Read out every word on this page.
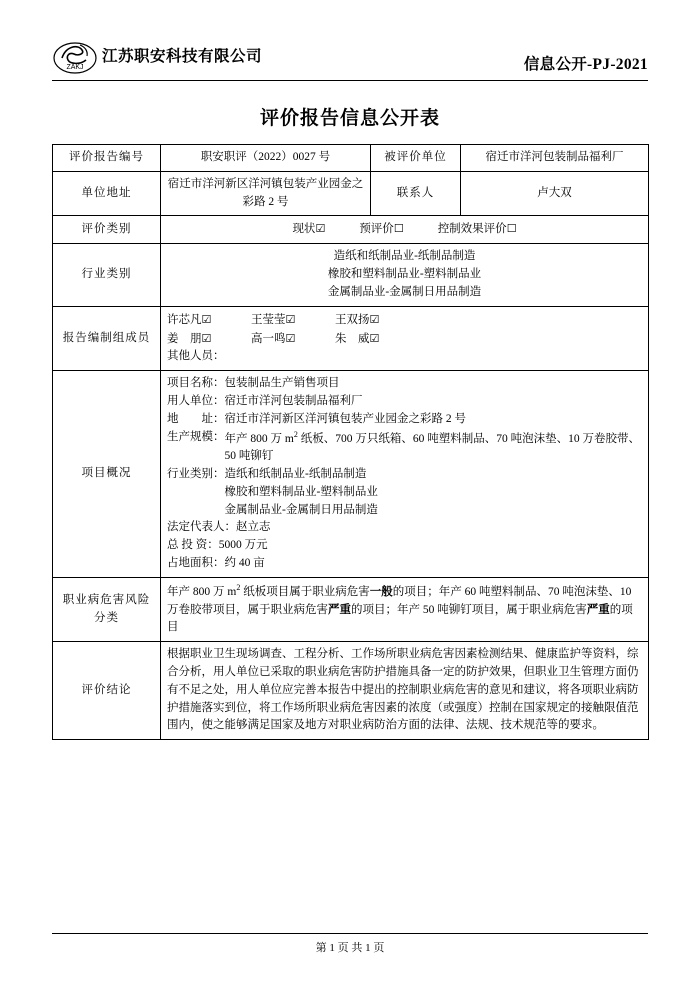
ZAKJ
江苏职安科技有限公司	信息公开-PJ-2021
评价报告信息公开表
评价报告编号	职安职评（2022）0027 号	被评价单位	宿迁市洋河包装制品福利厂
单位地址	宿迁市洋河新区洋河镇包装产业园金之彩路 2 号	联系人	卢大双
评价类别	现状☑ 预评价☐ 控制效果评价☐		

行业类别	造纸和纸制品业-纸制品制造
橡胶和塑料制品业-塑料制品业
金属制品业-金属制日用品制造		

报告编制组成员	
许芯凡☑	王莹莹☑	王双扬☑
姜　朋☑	高一鸣☑	朱　威☑
其他人员：

项目概况	
项目名称： 包装制品生产销售项目
用人单位： 宿迁市洋河包装制品福利厂
地　　址： 宿迁市洋河新区洋河镇包装产业园金之彩路 2 号
生产规模： 年产 800 万 $m^2$ 纸板、700 万只纸箱、60 吨塑料制品、70 吨泡沫垫、10 万卷胶带、50 吨铆钉
行业类别： 造纸和纸制品业-纸制品制造
橡胶和塑料制品业-塑料制品业
金属制品业-金属制日用品制造
法定代表人： 赵立志
总 投 资： 5000 万元
占地面积： 约 40 亩

职业病危害风险分类	年产 800 万 $m^2$ 纸板项目属于职业病危害一般的项目；年产 60 吨塑料制品、70 吨泡沫垫、10 万卷胶带项目，属于职业病危害严重的项目；年产 50 吨铆钉项目，属于职业病危害严重的项目		
评价结论	根据职业卫生现场调查、工程分析、工作场所职业病危害因素检测结果、健康监护等资料，综合分析，用人单位已采取的职业病危害防护措施具备一定的防护效果，但职业卫生管理方面仍有不足之处，用人单位应完善本报告中提出的控制职业病危害的意见和建议，将各项职业病防护措施落实到位，将工作场所职业病危害因素的浓度（或强度）控制在国家规定的接触限值范围内，使之能够满足国家及地方对职业病防治方面的法律、法规、技术规范等的要求。		
第 1 页 共 1 页
